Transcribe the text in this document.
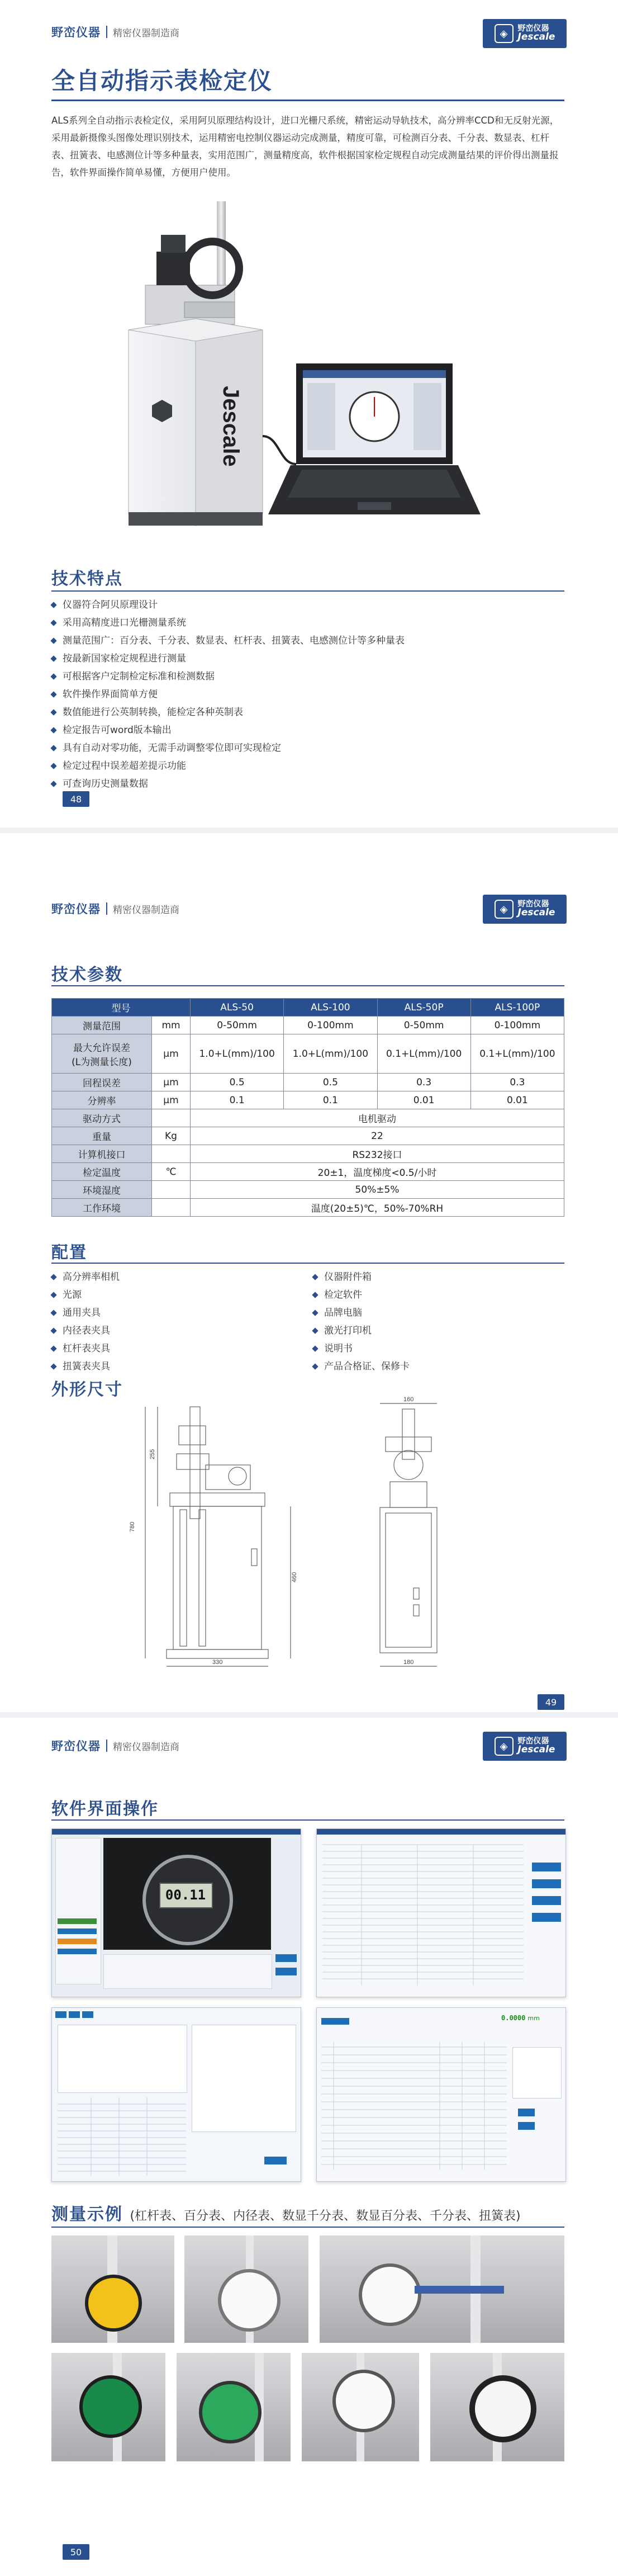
野峦仪器 精密仪器制造商	◈	野峦仪器
Jescale
全自动指示表检定仪
ALS系列全自动指示表检定仪，采用阿贝原理结构设计，进口光栅尺系统，精密运动导轨技术，高分辨率CCD和无反射光源，采用最新摄像头图像处理识别技术，运用精密电控制仪器运动完成测量，精度可靠，可检测百分表、千分表、数显表、杠杆表、扭簧表、电感测位计等多种量表，实用范围广，测量精度高，软件根据国家检定规程自动完成测量结果的评价得出测量报告，软件界面操作简单易懂，方便用户使用。
Jescale
技术特点
仪器符合阿贝原理设计
采用高精度进口光栅测量系统
测量范围广：百分表、千分表、数显表、杠杆表、扭簧表、电感测位计等多种量表
按最新国家检定规程进行测量
可根据客户定制检定标准和检测数据
软件操作界面简单方便
数值能进行公英制转换，能检定各种英制表
检定报告可word版本输出
具有自动对零功能，无需手动调整零位即可实现检定
检定过程中误差超差提示功能
可查询历史测量数据
48
野峦仪器 精密仪器制造商	◈	野峦仪器
Jescale
技术参数
型号		ALS-50	ALS-100	ALS-50P	ALS-100P
测量范围	mm	0-50mm	0-100mm	0-50mm	0-100mm
最大允许误差
(L为测量长度)	μm	1.0+L(mm)/100	1.0+L(mm)/100	0.1+L(mm)/100	0.1+L(mm)/100
回程误差	μm	0.5	0.5	0.3	0.3
分辨率	μm	0.1	0.1	0.01	0.01
驱动方式		电机驱动			
重量	Kg	22			
计算机接口		RS232接口			
检定温度	℃	20±1，温度梯度<0.5/小时			
环境湿度		50%±5%			
工作环境		温度(20±5)℃，50%-70%RH			
配置
高分辨率相机
光源
通用夹具
内径表夹具
杠杆表夹具
扭簧表夹具
仪器附件箱
检定软件
品牌电脑
激光打印机
说明书
产品合格证、保修卡
外形尺寸
780
255
460
330
160
180
49
野峦仪器 精密仪器制造商	◈	野峦仪器
Jescale
软件界面操作
00.11
0.0000 mm
测量示例 (杠杆表、百分表、内径表、数显千分表、数显百分表、千分表、扭簧表)
50
